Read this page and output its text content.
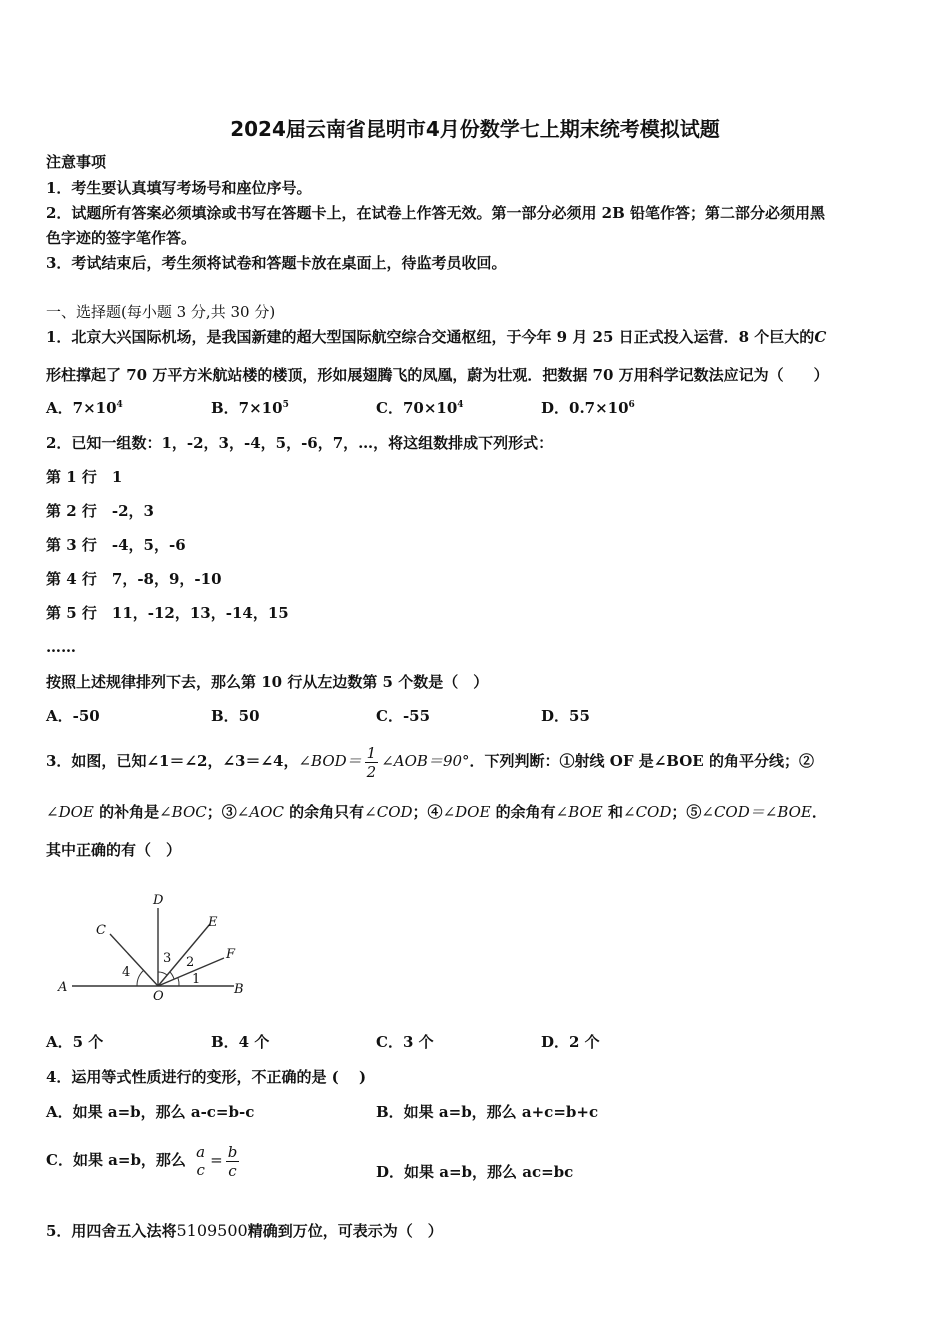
2024届云南省昆明市4月份数学七上期末统考模拟试题
注意事项
1．考生要认真填写考场号和座位序号。
2．试题所有答案必须填涂或书写在答题卡上，在试卷上作答无效。第一部分必须用 2B 铅笔作答；第二部分必须用黑
色字迹的签字笔作答。
3．考试结束后，考生须将试卷和答题卡放在桌面上，待监考员收回。
一、选择题(每小题 3 分,共 30 分)
1．北京大兴国际机场，是我国新建的超大型国际航空综合交通枢纽，于今年 9 月 25 日正式投入运营．8 个巨大的C
形柱撑起了 70 万平方米航站楼的楼顶，形如展翅腾飞的凤凰，蔚为壮观．把数据 70 万用科学记数法应记为（　　）
A．$7\times 10^4$	B．$7\times 10^5$	C．$70\times 10^4$	D．$0.7\times 10^6$
2．已知一组数：1，-2，3，-4，5，-6，7，…，将这组数排成下列形式：
第 1 行　1
第 2 行　-2，3
第 3 行　-4，5，-6
第 4 行　7，-8，9，-10
第 5 行　11，-12，13，-14，15
……
按照上述规律排列下去，那么第 10 行从左边数第 5 个数是（　）
A．-50	B．50	C．-55	D．55
3．如图，已知∠1＝∠2，∠3＝∠4，∠BOD＝ $\frac{1}{2}$ ∠AOB＝90°．下列判断：①射线 OF 是∠BOE 的角平分线；②
∠DOE 的补角是∠BOC；③∠AOC 的余角只有∠COD；④∠DOE 的余角有∠BOE 和∠COD；⑤∠COD＝∠BOE．
其中正确的有（　）
A	B
C
D
E
F
O
1
2
3
4
A．5 个	B．4 个	C．3 个	D．2 个
4．运用等式性质进行的变形，不正确的是 (　 )
A．如果 a=b，那么 a-c=b-c	B．如果 a=b，那么 a+c=b+c
C．如果 a=b，那么 a
c
= $\frac{b}{c}$	D．如果 a=b，那么 ac=bc
5．用四舍五入法将5109500精确到万位，可表示为（　）
